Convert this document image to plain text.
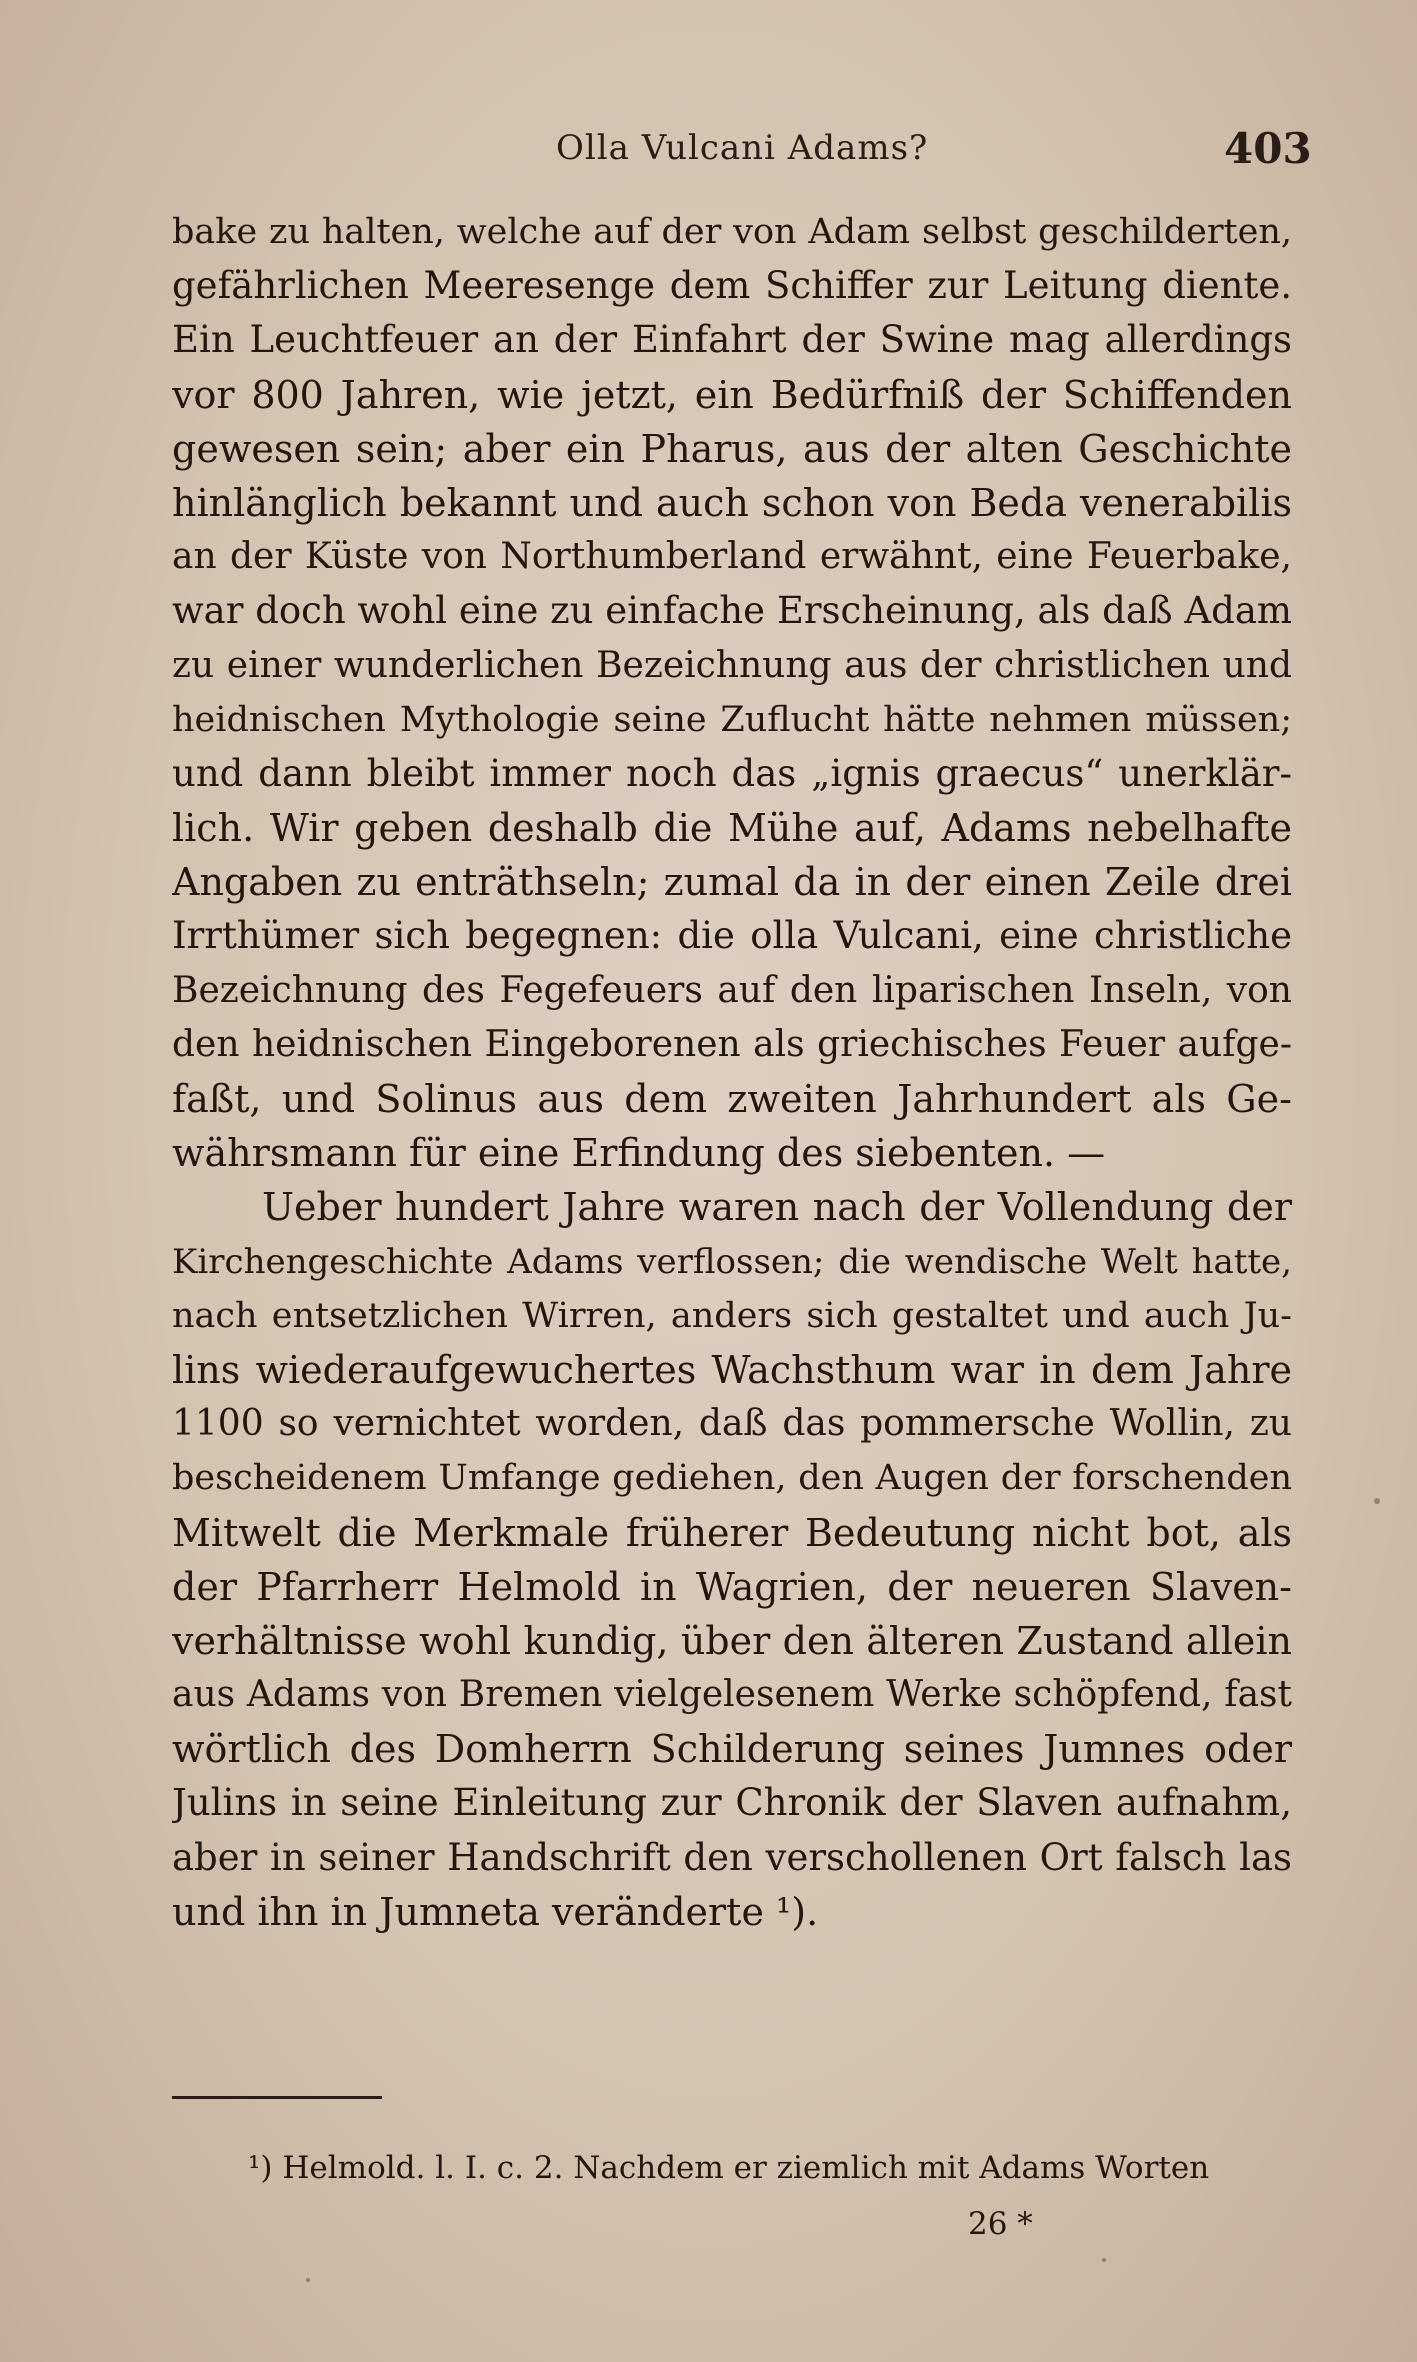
Olla Vulcani Adams?	403
bake zu halten, welche auf der von Adam selbst geschilderten,
gefährlichen Meeresenge dem Schiffer zur Leitung diente.
Ein Leuchtfeuer an der Einfahrt der Swine mag allerdings
vor 800 Jahren, wie jetzt, ein Bedürfniß der Schiffenden
gewesen sein; aber ein Pharus, aus der alten Geschichte
hinlänglich bekannt und auch schon von Beda venerabilis
an der Küste von Northumberland erwähnt, eine Feuerbake,
war doch wohl eine zu einfache Erscheinung, als daß Adam
zu einer wunderlichen Bezeichnung aus der christlichen und
heidnischen Mythologie seine Zuflucht hätte nehmen müssen;
und dann bleibt immer noch das „ignis graecus“ unerklär-
lich. Wir geben deshalb die Mühe auf, Adams nebelhafte
Angaben zu enträthseln; zumal da in der einen Zeile drei
Irrthümer sich begegnen: die olla Vulcani, eine christliche
Bezeichnung des Fegefeuers auf den liparischen Inseln, von
den heidnischen Eingeborenen als griechisches Feuer aufge-
faßt, und Solinus aus dem zweiten Jahrhundert als Ge-
währsmann für eine Erfindung des siebenten. —
Ueber hundert Jahre waren nach der Vollendung der
Kirchengeschichte Adams verflossen; die wendische Welt hatte,
nach entsetzlichen Wirren, anders sich gestaltet und auch Ju-
lins wiederaufgewuchertes Wachsthum war in dem Jahre
1100 so vernichtet worden, daß das pommersche Wollin, zu
bescheidenem Umfange gediehen, den Augen der forschenden
Mitwelt die Merkmale früherer Bedeutung nicht bot, als
der Pfarrherr Helmold in Wagrien, der neueren Slaven-
verhältnisse wohl kundig, über den älteren Zustand allein
aus Adams von Bremen vielgelesenem Werke schöpfend, fast
wörtlich des Domherrn Schilderung seines Jumnes oder
Julins in seine Einleitung zur Chronik der Slaven aufnahm,
aber in seiner Handschrift den verschollenen Ort falsch las
und ihn in Jumneta veränderte ¹).
¹) Helmold. l. I. c. 2. Nachdem er ziemlich mit Adams Worten
26 *
